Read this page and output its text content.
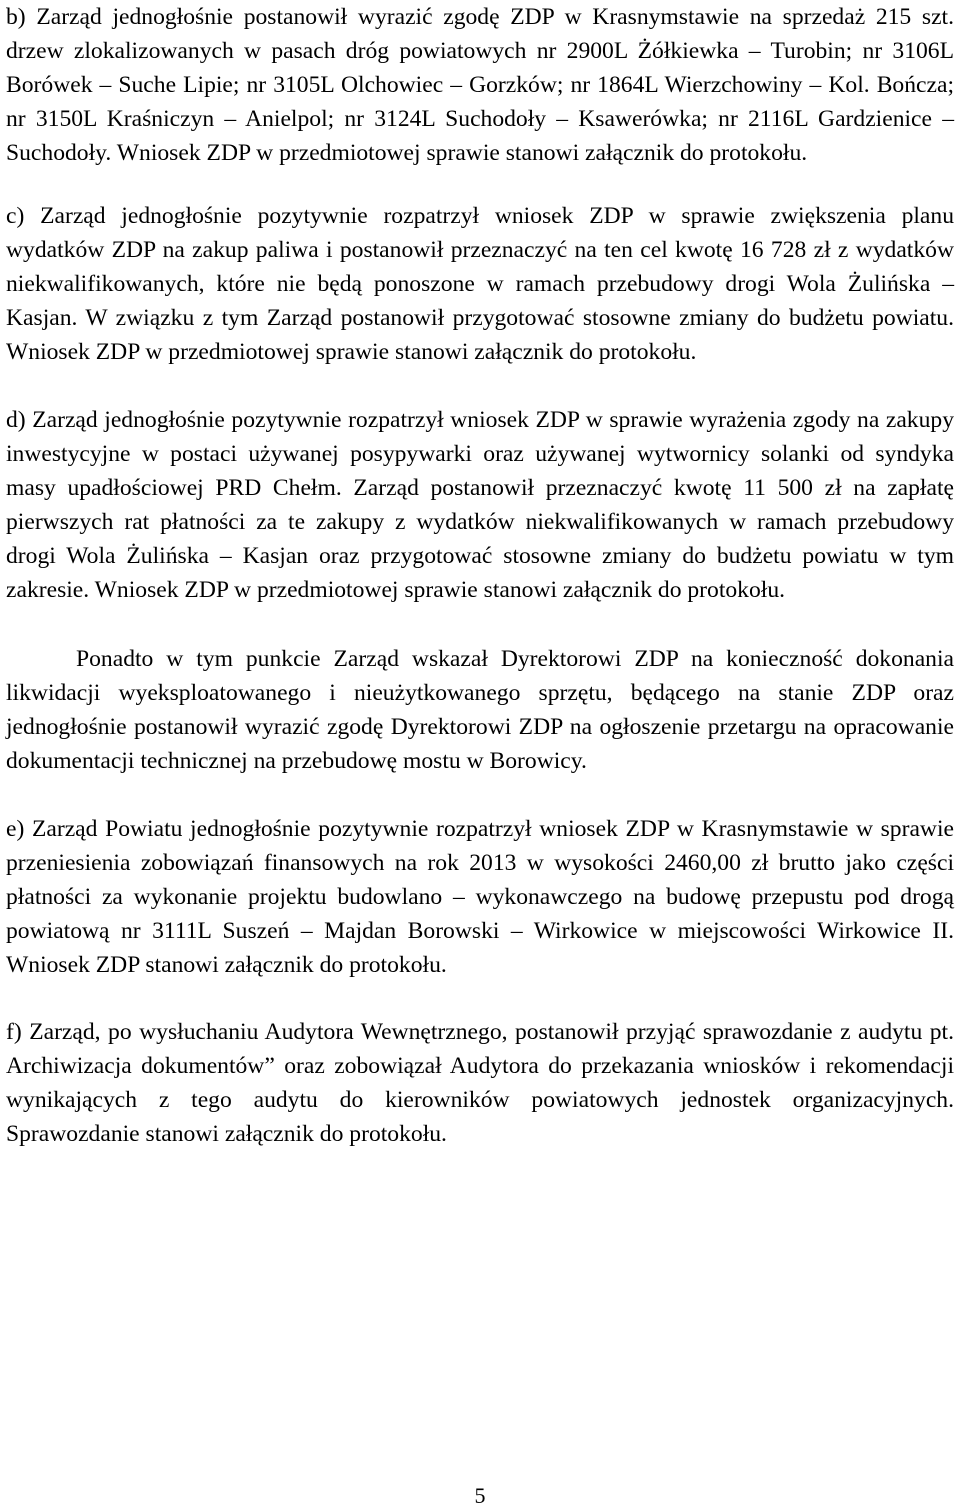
b) Zarząd jednogłośnie postanowił wyrazić zgodę ZDP w Krasnymstawie na sprzedaż 215 szt. drzew zlokalizowanych w pasach dróg powiatowych nr 2900L Żółkiewka – Turobin; nr 3106L Borówek – Suche Lipie; nr 3105L Olchowiec – Gorzków; nr 1864L Wierzchowiny – Kol. Bończa; nr 3150L Kraśniczyn – Anielpol; nr 3124L Suchodoły – Ksawerówka; nr 2116L Gardzienice – Suchodoły. Wniosek ZDP w przedmiotowej sprawie stanowi załącznik do protokołu.

c) Zarząd jednogłośnie pozytywnie rozpatrzył wniosek ZDP w sprawie zwiększenia planu wydatków ZDP na zakup paliwa i postanowił przeznaczyć na ten cel kwotę 16 728 zł z wydatków niekwalifikowanych, które nie będą ponoszone w ramach przebudowy drogi Wola Żulińska – Kasjan. W związku z tym Zarząd postanowił przygotować stosowne zmiany do budżetu powiatu. Wniosek ZDP w przedmiotowej sprawie stanowi załącznik do protokołu.

d) Zarząd jednogłośnie pozytywnie rozpatrzył wniosek ZDP w sprawie wyrażenia zgody na zakupy inwestycyjne w postaci używanej posypywarki oraz używanej wytwornicy solanki od syndyka masy upadłościowej PRD Chełm. Zarząd postanowił przeznaczyć kwotę 11 500 zł na zapłatę pierwszych rat płatności za te zakupy z wydatków niekwalifikowanych w ramach przebudowy drogi Wola Żulińska – Kasjan oraz przygotować stosowne zmiany do budżetu powiatu w tym zakresie. Wniosek ZDP w przedmiotowej sprawie stanowi załącznik do protokołu.

Ponadto w tym punkcie Zarząd wskazał Dyrektorowi ZDP na konieczność dokonania likwidacji wyeksploatowanego i nieużytkowanego sprzętu, będącego na stanie ZDP oraz jednogłośnie postanowił wyrazić zgodę Dyrektorowi ZDP na ogłoszenie przetargu na opracowanie dokumentacji technicznej na przebudowę mostu w Borowicy.

e) Zarząd Powiatu jednogłośnie pozytywnie rozpatrzył wniosek ZDP w Krasnymstawie w sprawie przeniesienia zobowiązań finansowych na rok 2013 w wysokości 2460,00 zł brutto jako części płatności za wykonanie projektu budowlano – wykonawczego na budowę przepustu pod drogą powiatową nr 3111L Suszeń – Majdan Borowski – Wirkowice w miejscowości Wirkowice II. Wniosek ZDP stanowi załącznik do protokołu.

f) Zarząd, po wysłuchaniu Audytora Wewnętrznego, postanowił przyjąć sprawozdanie z audytu pt. Archiwizacja dokumentów” oraz zobowiązał Audytora do przekazania wniosków i rekomendacji wynikających z tego audytu do kierowników powiatowych jednostek organizacyjnych. Sprawozdanie stanowi załącznik do protokołu.

5
